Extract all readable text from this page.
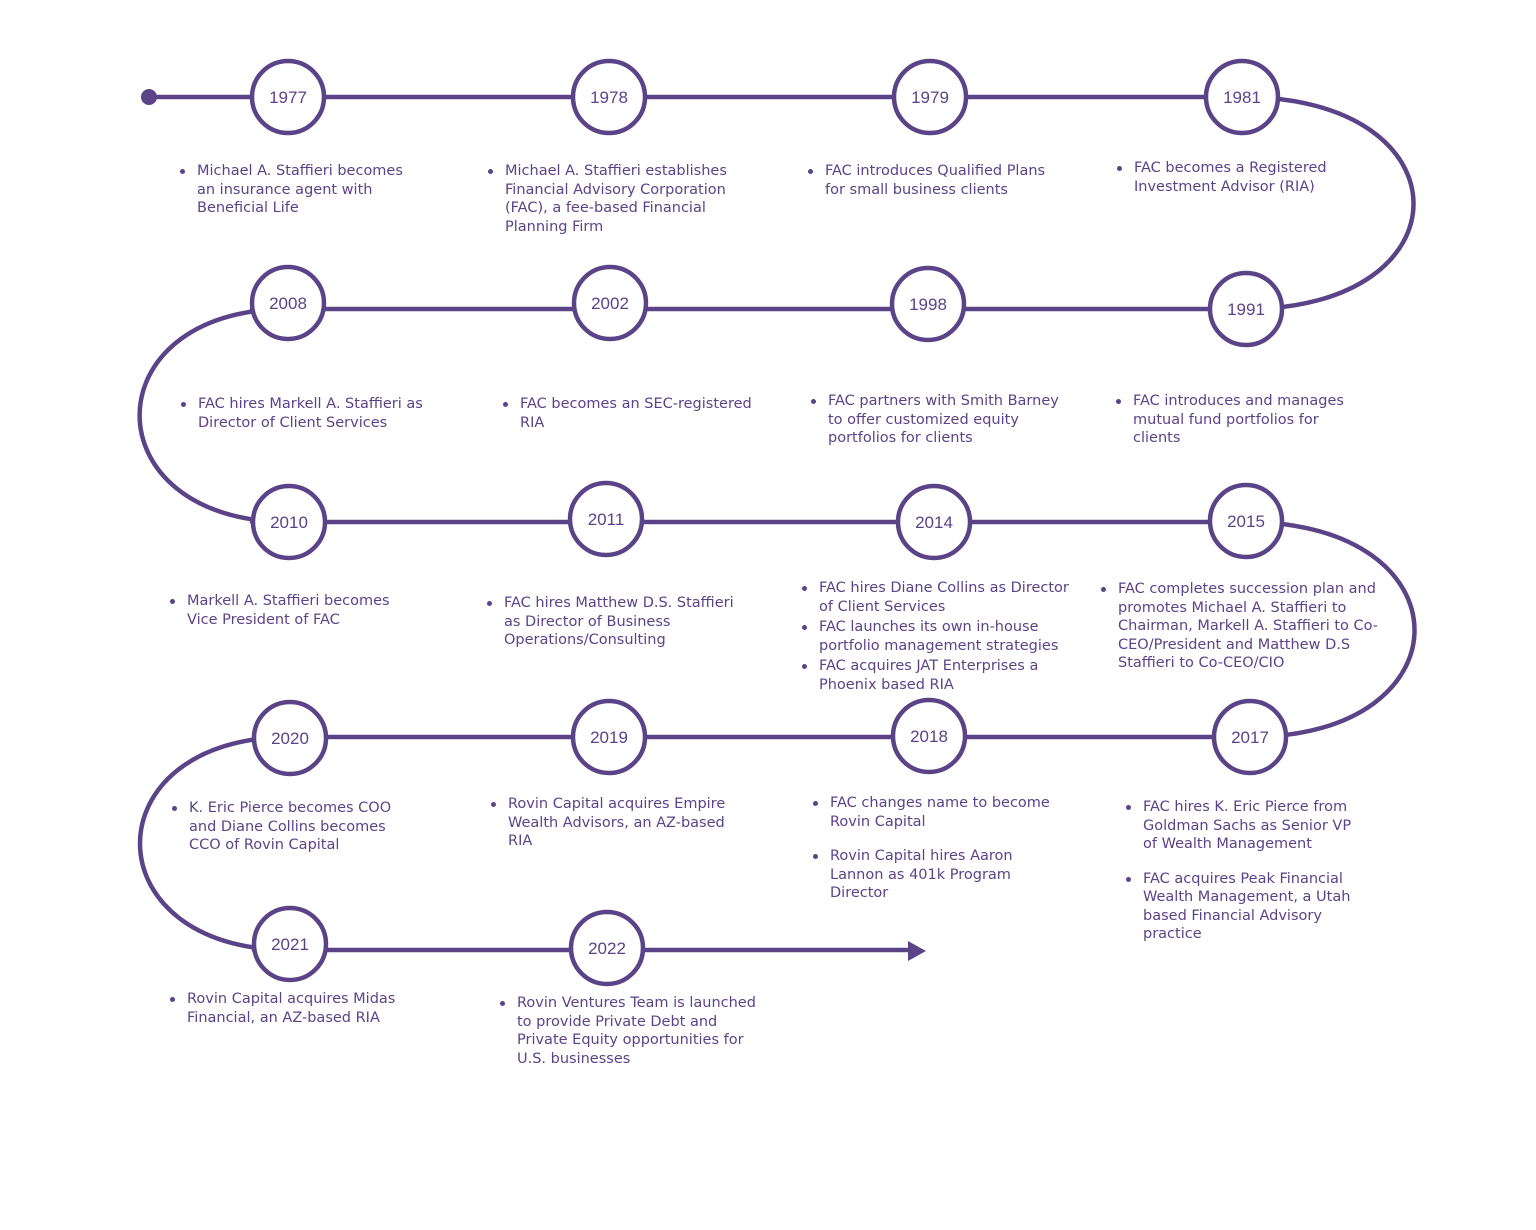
1977	1978	1979	1981
2008	2002	1998	1991
2010	2011	2014	2015
2020	2019	2018	2017
2021	2022
Michael A. Staffieri becomes an insurance agent with Beneficial Life
Michael A. Staffieri establishes Financial Advisory Corporation (FAC), a fee-based Financial Planning Firm
FAC introduces Qualified Plans for small business clients
FAC becomes a Registered Investment Advisor (RIA)
FAC hires Markell A. Staffieri as Director of Client Services
FAC becomes an SEC-registered RIA
FAC partners with Smith Barney to offer customized equity portfolios for clients
FAC introduces and manages mutual fund portfolios for clients
Markell A. Staffieri becomes Vice President of FAC
FAC hires Matthew D.S. Staffieri as Director of Business Operations/Consulting
FAC hires Diane Collins as Director of Client Services
FAC launches its own in-house portfolio management strategies
FAC acquires JAT Enterprises a Phoenix based RIA
FAC completes succession plan and promotes Michael A. Staffieri to Chairman, Markell A. Staffieri to Co-CEO/President and Matthew D.S Staffieri to Co-CEO/CIO
K. Eric Pierce becomes COO and Diane Collins becomes CCO of Rovin Capital
Rovin Capital acquires Empire Wealth Advisors, an AZ-based RIA
FAC changes name to become Rovin Capital
Rovin Capital hires Aaron Lannon as 401k Program Director
FAC hires K. Eric Pierce from Goldman Sachs as Senior VP of Wealth Management
FAC acquires Peak Financial Wealth Management, a Utah based Financial Advisory practice
Rovin Capital acquires Midas Financial, an AZ-based RIA
Rovin Ventures Team is launched to provide Private Debt and Private Equity opportunities for U.S. businesses
